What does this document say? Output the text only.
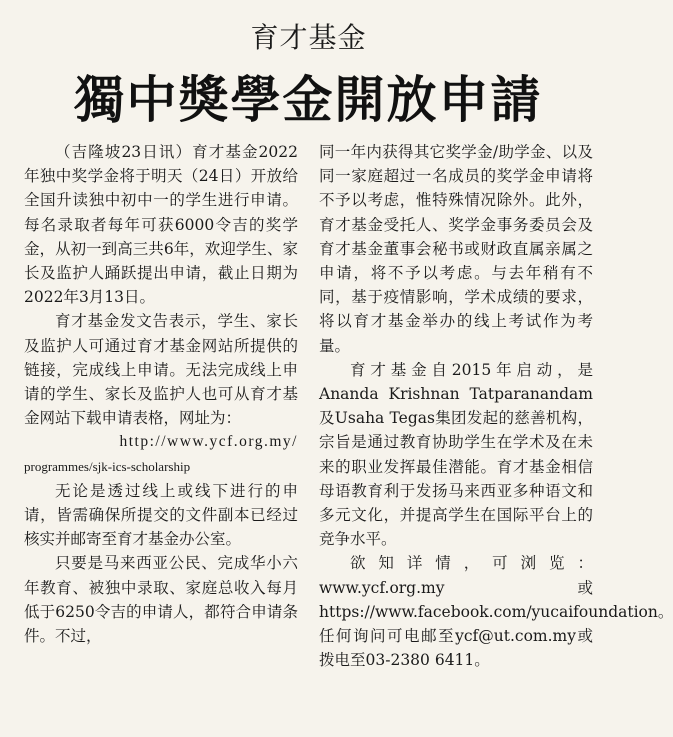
育才基金
獨中獎學金開放申請

（吉隆坡23日讯）育才基金2022年独中奖学金将于明天（24日）开放给全国升读独中初中一的学生进行申请。每名录取者每年可获6000令吉的奖学金，从初一到高三共6年，欢迎学生、家长及监护人踊跃提出申请，截止日期为2022年3月13日。

育才基金发文告表示，学生、家长及监护人可通过育才基金网站所提供的链接，完成线上申请。无法完成线上申请的学生、家长及监护人也可从育才基金网站下载申请表格，网址为：

http://www.ycf.org.my/

programmes/sjk-ics-scholarship

无论是透过线上或线下进行的申请，皆需确保所提交的文件副本已经过核实并邮寄至育才基金办公室。

只要是马来西亚公民、完成华小六年教育、被独中录取、家庭总收入每月低于6250令吉的申请人，都符合申请条件。不过，

同一年内获得其它奖学金/助学金、以及同一家庭超过一名成员的奖学金申请将不予以考虑，惟特殊情况除外。此外，育才基金受托人、奖学金事务委员会及育才基金董事会秘书或财政直属亲属之申请，将不予以考虑。与去年稍有不同，基于疫情影响，学术成绩的要求，将以育才基金举办的线上考试作为考量。

育才基金自2015年启动，是Ananda Krishnan Tatparanandam及Usaha Tegas集团发起的慈善机构，宗旨是通过教育协助学生在学术及在未来的职业发挥最佳潜能。育才基金相信母语教育利于发扬马来西亚多种语文和多元文化，并提高学生在国际平台上的竞争水平。

欲知详情，可浏览：www.ycf.org.my或https://www.facebook.com/yucaifoundation。任何询问可电邮至ycf@ut.com.my或拨电至03-2380 6411。
